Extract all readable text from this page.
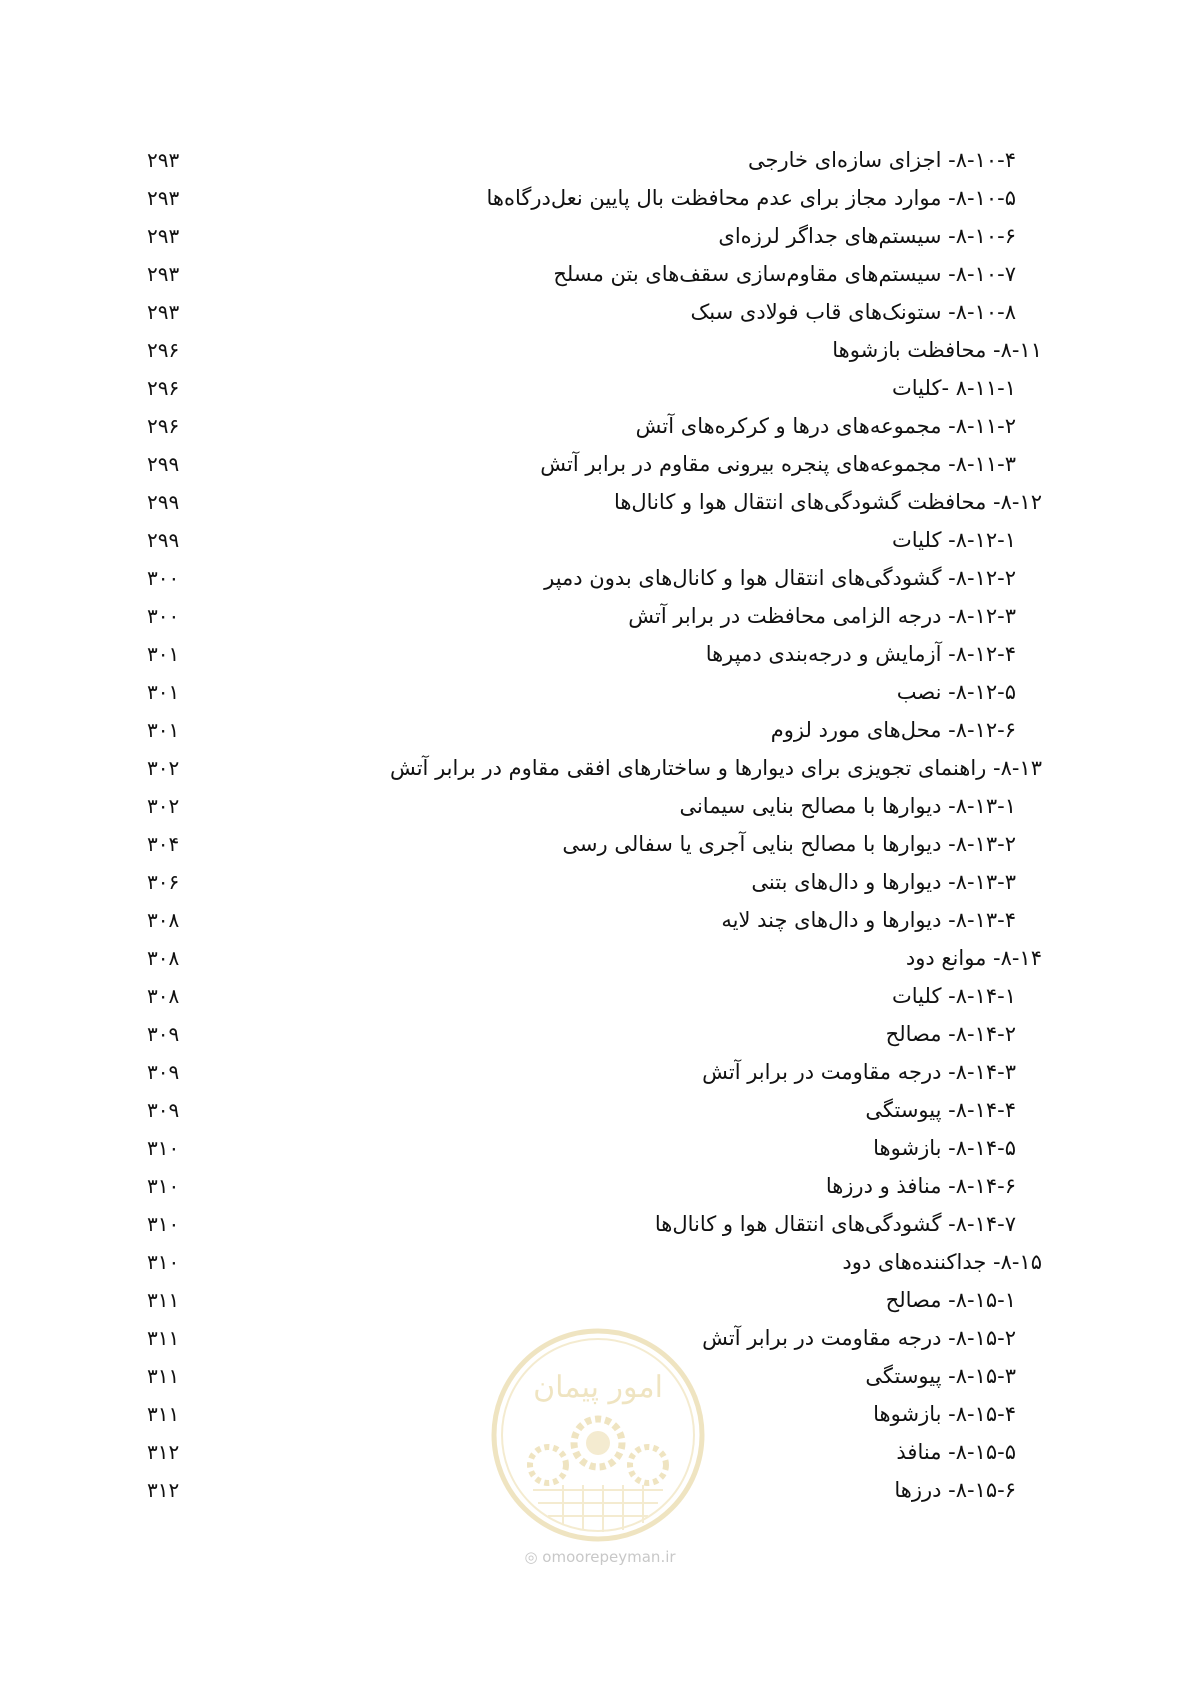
۸-۱۰-۴- اجزای سازه‌ای خارجی
۲۹۳
۸-۱۰-۵- موارد مجاز برای عدم محافظت بال پایین نعل‌درگاه‌ها
۲۹۳
۸-۱۰-۶- سیستم‌های جداگر لرزه‌ای
۲۹۳
۸-۱۰-۷- سیستم‌های مقاوم‌سازی سقف‌های بتن مسلح
۲۹۳
۸-۱۰-۸- ستونک‌های قاب فولادی سبک
۲۹۳
۸-۱۱- محافظت بازشوها
۲۹۶
۸-۱۱-۱ -کلیات
۲۹۶
۸-۱۱-۲- مجموعه‌های درها و کرکره‌های آتش
۲۹۶
۸-۱۱-۳- مجموعه‌های پنجره بیرونی مقاوم در برابر آتش
۲۹۹
۸-۱۲- محافظت گشودگی‌های انتقال هوا و کانال‌ها
۲۹۹
۸-۱۲-۱- کلیات
۲۹۹
۸-۱۲-۲- گشودگی‌های انتقال هوا و کانال‌های بدون دمپر
۳۰۰
۸-۱۲-۳- درجه الزامی محافظت در برابر آتش
۳۰۰
۸-۱۲-۴- آزمایش و درجه‌بندی دمپرها
۳۰۱
۸-۱۲-۵- نصب
۳۰۱
۸-۱۲-۶- محل‌های مورد لزوم
۳۰۱
۸-۱۳- راهنمای تجویزی برای دیوارها و ساختارهای افقی مقاوم در برابر آتش
۳۰۲
۸-۱۳-۱- دیوارها با مصالح بنایی سیمانی
۳۰۲
۸-۱۳-۲- دیوارها با مصالح بنایی آجری یا سفالی رسی
۳۰۴
۸-۱۳-۳- دیوارها و دال‌های بتنی
۳۰۶
۸-۱۳-۴- دیوارها و دال‌های چند لایه
۳۰۸
۸-۱۴- موانع دود
۳۰۸
۸-۱۴-۱- کلیات
۳۰۸
۸-۱۴-۲- مصالح
۳۰۹
۸-۱۴-۳- درجه مقاومت در برابر آتش
۳۰۹
۸-۱۴-۴- پیوستگی
۳۰۹
۸-۱۴-۵- بازشوها
۳۱۰
۸-۱۴-۶- منافذ و درزها
۳۱۰
۸-۱۴-۷- گشودگی‌های انتقال هوا و کانال‌ها
۳۱۰
۸-۱۵- جداکننده‌های دود
۳۱۰
۸-۱۵-۱- مصالح
۳۱۱
۸-۱۵-۲- درجه مقاومت در برابر آتش
۳۱۱
۸-۱۵-۳- پیوستگی
۳۱۱
۸-۱۵-۴- بازشوها
۳۱۱
۸-۱۵-۵- منافذ
۳۱۲
۸-۱۵-۶- درزها
۳۱۲
امور پیمان
◎ omoorepeyman.ir
